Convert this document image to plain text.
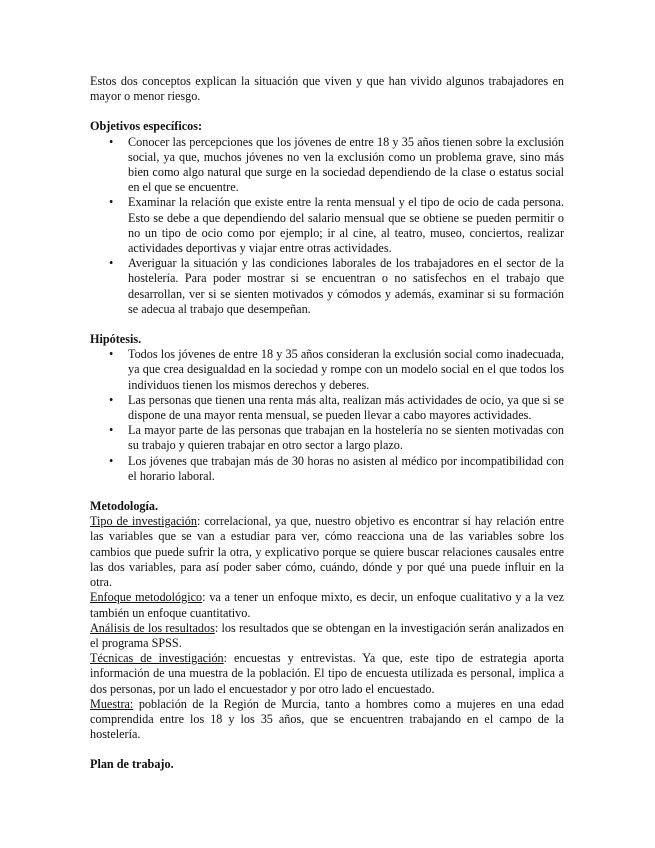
Estos dos conceptos explican la situación que viven y que han vivido algunos trabajadores en mayor o menor riesgo.

Objetivos específicos:
• Conocer las percepciones que los jóvenes de entre 18 y 35 años tienen sobre la exclusión social, ya que, muchos jóvenes no ven la exclusión como un problema grave, sino más bien como algo natural que surge en la sociedad dependiendo de la clase o estatus social en el que se encuentre.
• Examinar la relación que existe entre la renta mensual y el tipo de ocio de cada persona. Esto se debe a que dependiendo del salario mensual que se obtiene se pueden permitir o no un tipo de ocio como por ejemplo; ir al cine, al teatro, museo, conciertos, realizar actividades deportivas y viajar entre otras actividades.
• Averiguar la situación y las condiciones laborales de los trabajadores en el sector de la hostelería. Para poder mostrar si se encuentran o no satisfechos en el trabajo que desarrollan, ver si se sienten motivados y cómodos y además, examinar si su formación se adecua al trabajo que desempeñan.
Hipótesis.
• Todos los jóvenes de entre 18 y 35 años consideran la exclusión social como inadecuada, ya que crea desigualdad en la sociedad y rompe con un modelo social en el que todos los individuos tienen los mismos derechos y deberes.
• Las personas que tienen una renta más alta, realizan más actividades de ocio, ya que si se dispone de una mayor renta mensual, se pueden llevar a cabo mayores actividades.
• La mayor parte de las personas que trabajan en la hostelería no se sienten motivadas con su trabajo y quieren trabajar en otro sector a largo plazo.
• Los jóvenes que trabajan más de 30 horas no asisten al médico por incompatibilidad con el horario laboral.
Metodología.

Tipo de investigación: correlacional, ya que, nuestro objetivo es encontrar si hay relación entre las variables que se van a estudiar para ver, cómo reacciona una de las variables sobre los cambios que puede sufrir la otra, y explicativo porque se quiere buscar relaciones causales entre las dos variables, para así poder saber cómo, cuándo, dónde y por qué una puede influir en la otra.

Enfoque metodológico: va a tener un enfoque mixto, es decir, un enfoque cualitativo y a la vez también un enfoque cuantitativo.

Análisis de los resultados: los resultados que se obtengan en la investigación serán analizados en el programa SPSS.

Técnicas de investigación: encuestas y entrevistas. Ya que, este tipo de estrategia aporta información de una muestra de la población. El tipo de encuesta utilizada es personal, implica a dos personas, por un lado el encuestador y por otro lado el encuestado.

Muestra: población de la Región de Murcia, tanto a hombres como a mujeres en una edad comprendida entre los 18 y los 35 años, que se encuentren trabajando en el campo de la hostelería.

Plan de trabajo.
